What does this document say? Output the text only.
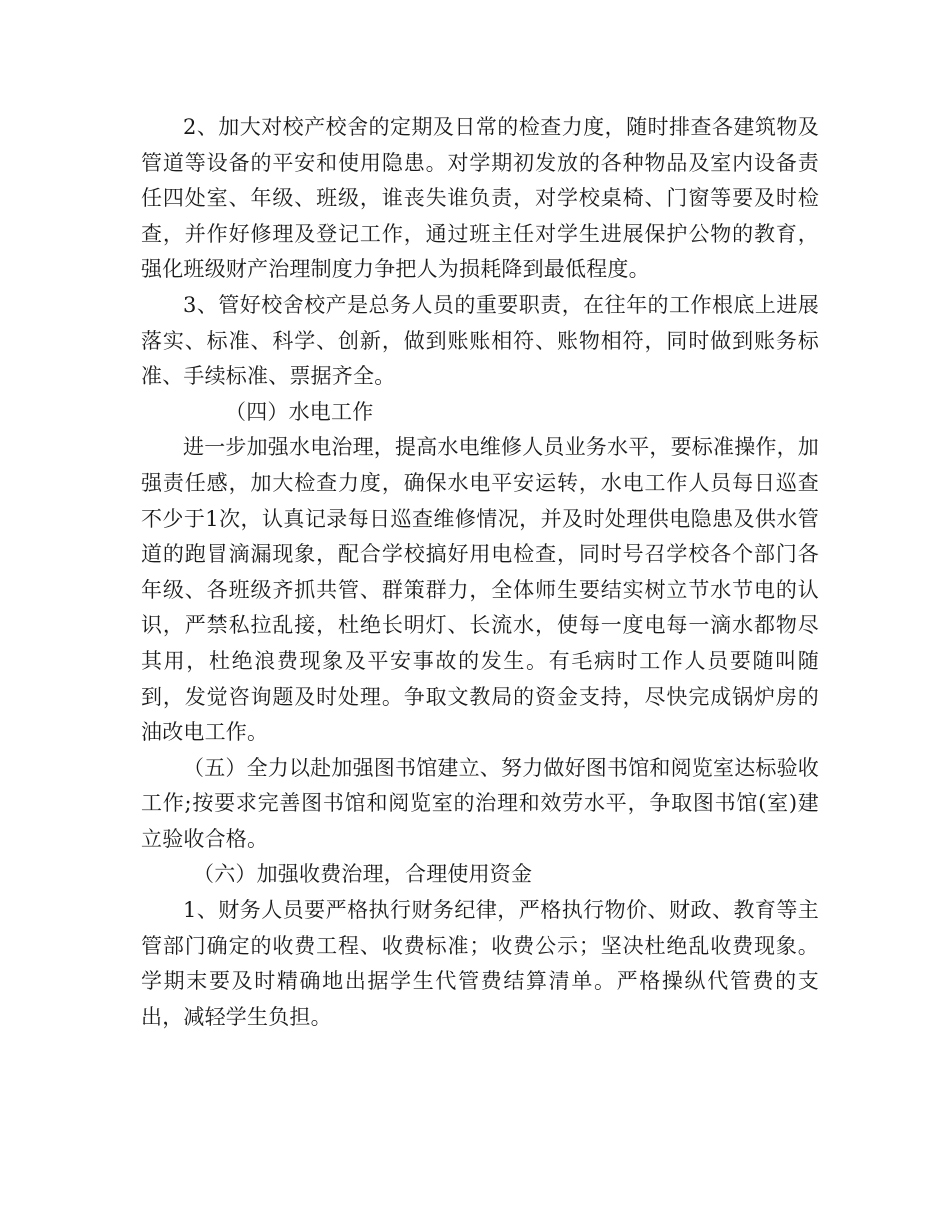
2、加大对校产校舍的定期及日常的检查力度，随时排查各建筑物及管道等设备的平安和使用隐患。对学期初发放的各种物品及室内设备责任四处室、年级、班级，谁丧失谁负责，对学校桌椅、门窗等要及时检查，并作好修理及登记工作，通过班主任对学生进展保护公物的教育，强化班级财产治理制度力争把人为损耗降到最低程度。

3、管好校舍校产是总务人员的重要职责，在往年的工作根底上进展落实、标准、科学、创新，做到账账相符、账物相符，同时做到账务标准、手续标准、票据齐全。

（四）水电工作

进一步加强水电治理，提高水电维修人员业务水平，要标准操作，加强责任感，加大检查力度，确保水电平安运转，水电工作人员每日巡查不少于1次，认真记录每日巡查维修情况，并及时处理供电隐患及供水管道的跑冒滴漏现象，配合学校搞好用电检查，同时号召学校各个部门各年级、各班级齐抓共管、群策群力，全体师生要结实树立节水节电的认识，严禁私拉乱接，杜绝长明灯、长流水，使每一度电每一滴水都物尽其用，杜绝浪费现象及平安事故的发生。有毛病时工作人员要随叫随到，发觉咨询题及时处理。争取文教局的资金支持，尽快完成锅炉房的油改电工作。

（五）全力以赴加强图书馆建立、努力做好图书馆和阅览室达标验收工作;按要求完善图书馆和阅览室的治理和效劳水平，争取图书馆(室)建立验收合格。

（六）加强收费治理，合理使用资金

1、财务人员要严格执行财务纪律，严格执行物价、财政、教育等主管部门确定的收费工程、收费标准；收费公示；坚决杜绝乱收费现象。学期末要及时精确地出据学生代管费结算清单。严格操纵代管费的支出，减轻学生负担。
